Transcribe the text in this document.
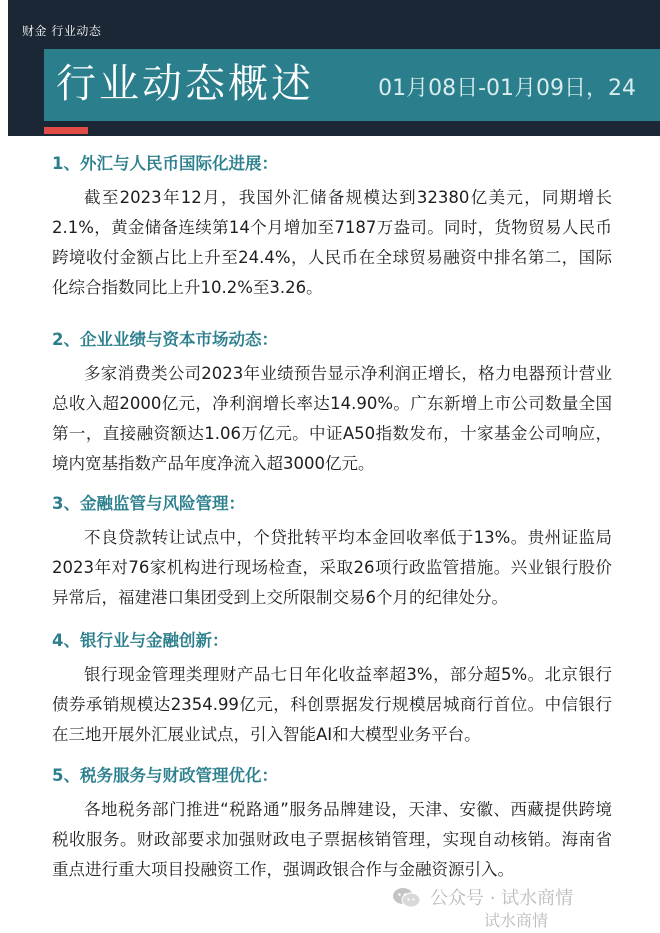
财金 行业动态
行业动态概述	01月08日-01月09日，24
1、外汇与人民币国际化进展：

截至2023年12月，我国外汇储备规模达到32380亿美元，同期增长2.1%，黄金储备连续第14个月增加至7187万盎司。同时，货物贸易人民币跨境收付金额占比上升至24.4%，人民币在全球贸易融资中排名第二，国际化综合指数同比上升10.2%至3.26。

2、企业业绩与资本市场动态：

多家消费类公司2023年业绩预告显示净利润正增长，格力电器预计营业总收入超2000亿元，净利润增长率达14.90%。广东新增上市公司数量全国第一，直接融资额达1.06万亿元。中证A50指数发布，十家基金公司响应，境内宽基指数产品年度净流入超3000亿元。

3、金融监管与风险管理：

不良贷款转让试点中，个贷批转平均本金回收率低于13%。贵州证监局2023年对76家机构进行现场检查，采取26项行政监管措施。兴业银行股价异常后，福建港口集团受到上交所限制交易6个月的纪律处分。

4、银行业与金融创新：

银行现金管理类理财产品七日年化收益率超3%，部分超5%。北京银行债券承销规模达2354.99亿元，科创票据发行规模居城商行首位。中信银行在三地开展外汇展业试点，引入智能AI和大模型业务平台。

5、税务服务与财政管理优化：

各地税务部门推进“税路通”服务品牌建设，天津、安徽、西藏提供跨境税收服务。财政部要求加强财政电子票据核销管理，实现自动核销。海南省重点进行重大项目投融资工作，强调政银合作与金融资源引入。

公众号 · 试水商情
试水商情
